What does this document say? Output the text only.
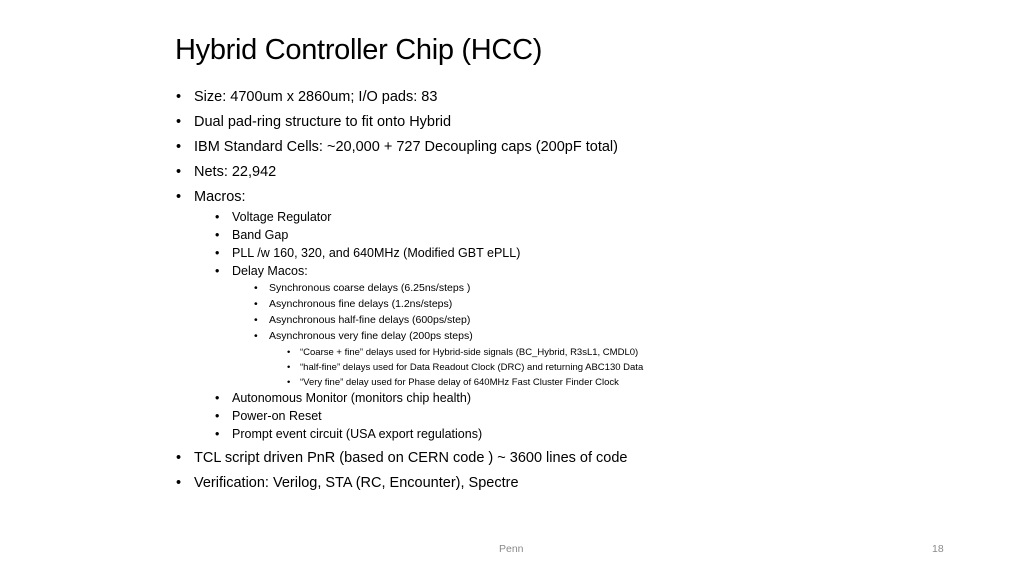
Hybrid Controller Chip (HCC)
• Size: 4700um x 2860um; I/O pads: 83
• Dual pad-ring structure to fit onto Hybrid
• IBM Standard Cells: ~20,000 + 727 Decoupling caps (200pF total)
• Nets: 22,942
• Macros:
• Voltage Regulator
• Band Gap
• PLL /w 160, 320, and 640MHz (Modified GBT ePLL)
• Delay Macos:
• Synchronous coarse delays (6.25ns/steps )
• Asynchronous fine delays (1.2ns/steps)
• Asynchronous half-fine delays (600ps/step)
• Asynchronous very fine delay (200ps steps)
• “Coarse + fine” delays used for Hybrid-side signals (BC_Hybrid, R3sL1, CMDL0)
• “half-fine” delays used for Data Readout Clock (DRC) and returning ABC130 Data
• “Very fine” delay used for Phase delay of 640MHz Fast Cluster Finder Clock
• Autonomous Monitor (monitors chip health)
• Power-on Reset
• Prompt event circuit (USA export regulations)
• TCL script driven PnR (based on CERN code ) ~ 3600 lines of code
• Verification: Verilog, STA (RC, Encounter), Spectre
Penn	18
